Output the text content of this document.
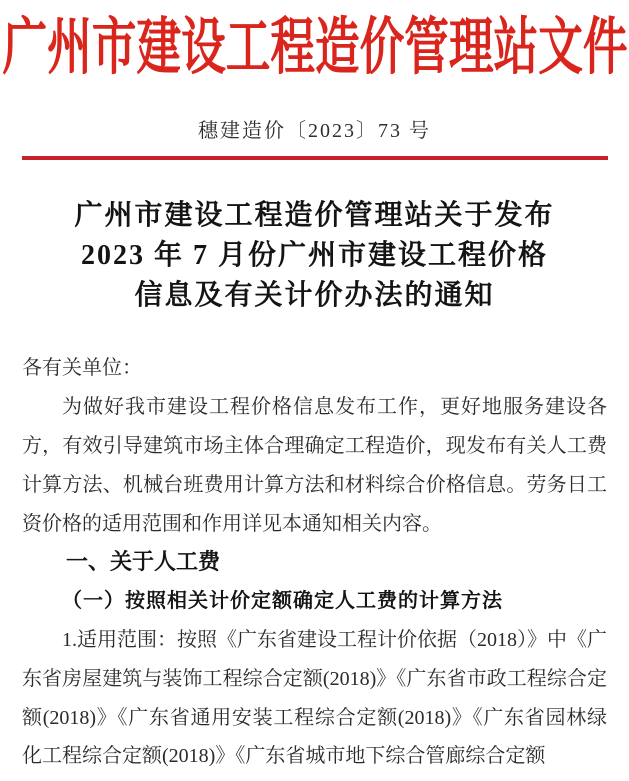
广州市建设工程造价管理站文件
穗建造价〔2023〕73 号
广州市建设工程造价管理站关于发布
2023 年 7 月份广州市建设工程价格
信息及有关计价办法的通知
各有关单位：
为做好我市建设工程价格信息发布工作，更好地服务建设各方，有效引导建筑市场主体合理确定工程造价，现发布有关人工费计算方法、机械台班费用计算方法和材料综合价格信息。劳务日工资价格的适用范围和作用详见本通知相关内容。
一、关于人工费
（一）按照相关计价定额确定人工费的计算方法
1.适用范围：按照《广东省建设工程计价依据（2018）》中《广东省房屋建筑与装饰工程综合定额(2018)》《广东省市政工程综合定额(2018)》《广东省通用安装工程综合定额(2018)》《广东省园林绿化工程综合定额(2018)》《广东省城市地下综合管廊综合定额
